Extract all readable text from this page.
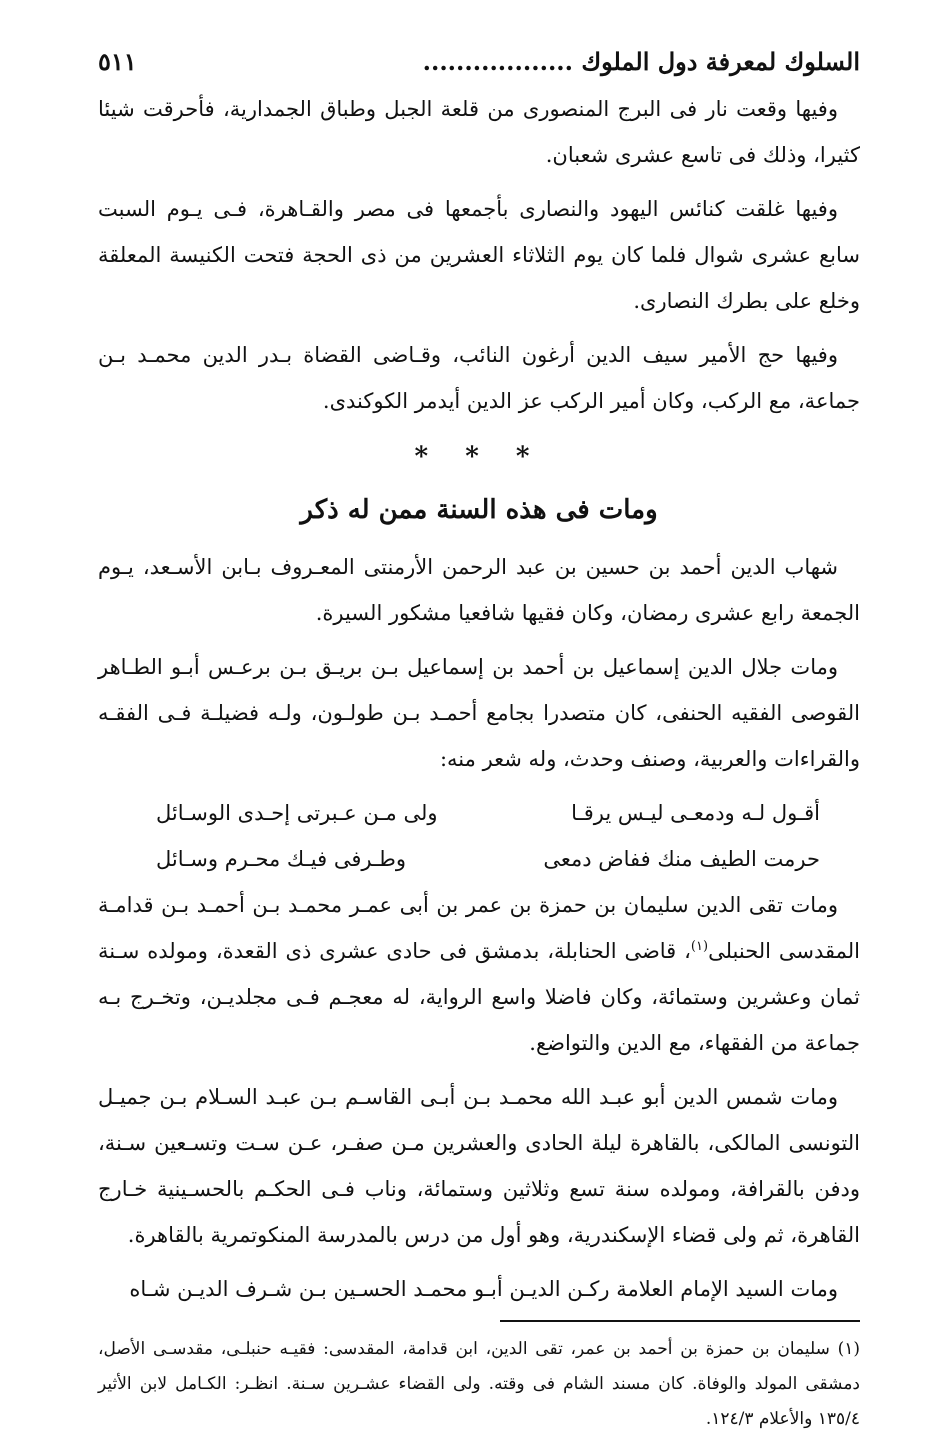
السلوك لمعرفة دول الملوك ..................
٥١١

وفيها وقعت نار فى البرج المنصورى من قلعة الجبل وطباق الجمدارية، فأحرقت شيئا كثيرا، وذلك فى تاسع عشرى شعبان.

وفيها غلقت كنائس اليهود والنصارى بأجمعها فى مصر والقـاهرة، فـى يـوم السبت سابع عشرى شوال فلما كان يوم الثلاثاء العشرين من ذى الحجة فتحت الكنيسة المعلقة وخلع على بطرك النصارى.

وفيها حج الأمير سيف الدين أرغون النائب، وقـاضى القضاة بـدر الدين محمـد بـن جماعة، مع الركب، وكان أمير الركب عز الدين أيدمر الكوكندى.

* * *

ومات فى هذه السنة ممن له ذكر

شهاب الدين أحمد بن حسين بن عبد الرحمن الأرمنتى المعـروف بـابن الأسـعد، يـوم الجمعة رابع عشرى رمضان، وكان فقيها شافعيا مشكور السيرة.

ومات جلال الدين إسماعيل بن أحمد بن إسماعيل بـن بريـق بـن برعـس أبـو الطـاهر القوصى الفقيه الحنفى، كان متصدرا بجامع أحمـد بـن طولـون، ولـه فضيلـة فـى الفقـه والقراءات والعربية، وصنف وحدث، وله شعر منه:

أقـول لـه ودمعـى ليـس يرقـا
ولى مـن عـبرتى إحـدى الوسـائل
حرمت الطيف منك ففاض دمعى
وطـرفى فيـك محـرم وسـائل

ومات تقى الدين سليمان بن حمزة بن عمر بن أبى عمـر محمـد بـن أحمـد بـن قدامـة المقدسى الحنبلى$^{(١)}$، قاضى الحنابلة، بدمشق فى حادى عشرى ذى القعدة، ومولده سـنة ثمان وعشرين وستمائة، وكان فاضلا واسع الرواية، له معجـم فـى مجلديـن، وتخـرج بـه جماعة من الفقهاء، مع الدين والتواضع.

ومات شمس الدين أبو عبـد الله محمـد بـن أبـى القاسـم بـن عبـد السـلام بـن جميـل التونسى المالكى، بالقاهرة ليلة الحادى والعشرين مـن صفـر، عـن سـت وتسـعين سـنة، ودفن بالقرافة، ومولده سنة تسع وثلاثين وستمائة، وناب فـى الحكـم بالحسـينية خـارج القاهرة، ثم ولى قضاء الإسكندرية، وهو أول من درس بالمدرسة المنكوتمرية بالقاهرة.

ومات السيد الإمام العلامة ركـن الديـن أبـو محمـد الحسـين بـن شـرف الديـن شـاه

(١) سليمان بن حمزة بن أحمد بن عمر، تقى الدين، ابن قدامة، المقدسى: فقيـه حنبلـى، مقدسـى الأصل، دمشقى المولد والوفاة. كان مسند الشام فى وقته. ولى القضاء عشـرين سـنة. انظـر: الكـامل لابن الأثير ١٣٥/٤ والأعلام ١٢٤/٣.
